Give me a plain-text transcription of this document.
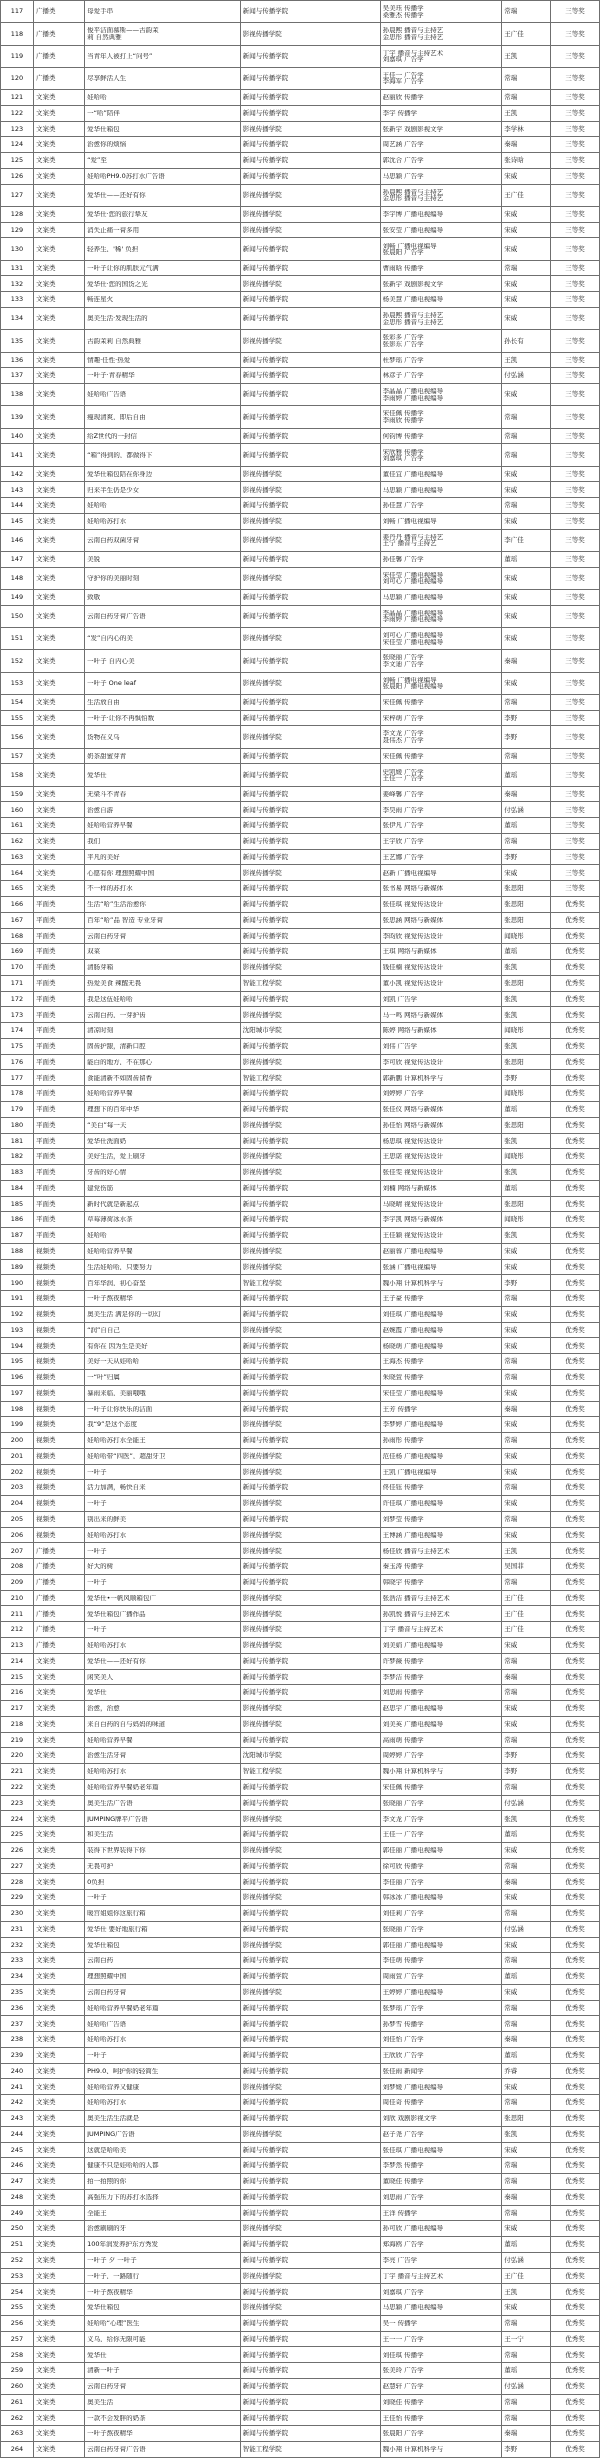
117	广播类	母爱手串	新闻与传播学院	吴美珏 传播学
桑雅杰 传播学	常瑞	三等奖
118	广播类	俊平洁面慕斯——古韵茉
莉 自然典雅	影视传播学院	孙晨熙 播音与主持艺
金思彤 播音与主持艺	王广佳	三等奖
119	广播类	当青年人被打上“问号”	新闻与传播学院	丁宇 播音与主持艺术
刘嘉琪 广告学	王凯	三等奖
120	广播类	尽享鲜活人生	新闻与传播学院	王佳一 广告学
李海军 广告学	常瑞	三等奖
121	文案类	娃哈哈	新闻与传播学院	赵丽欣 传播学	常瑞	三等奖
122	文案类	一“哈”陪伴	新闻与传播学院	李宇 传播学	王凯	三等奖
123	文案类	爱华仕箱包	影视传播学院	张新宇 戏剧影视文学	李学林	三等奖
124	文案类	治愈你的烦恼	新闻与传播学院	周艺涵 广告学	秦瑞	三等奖
125	文案类	“爱”至	新闻与传播学院	郭沈合 广告学	张诗晗	三等奖
126	文案类	娃哈哈PH9.0苏打水广告语	新闻与传播学院	马思颖 广告学	宋威	三等奖
127	文案类	爱华仕——还好有你	影视传播学院	孙晨熙 播音与主持艺
金思彤 播音与主持艺	王广佳	三等奖
128	文案类	爱华仕·您的旅行挚友	影视传播学院	李宇博 广播电视编导	宋威	三等奖
129	文案类	消失止痛一膏多用	影视传播学院	张安莹 广播电视编导	宋威	三等奖
130	文案类	轻养生，'稀' 负担	新闻与传播学院	刘畅 广播电视编导
张晨阳 广告学	宋威	三等奖
131	文案类	一叶子让你的肌肤元气满	新闻与传播学院	曹雨晗 传播学	常瑞	三等奖
132	文案类	爱华仕·您的国货之光	影视传播学院	张新宇 戏剧影视文学	宋威	三等奖
133	文案类	畅连星火	新闻与传播学院	杨美慧 广播电视编导	宋威	三等奖
134	文案类	奥美生活·发现生活的	新闻与传播学院	孙晨熙 播音与主持艺
金思彤 播音与主持艺	宋威	三等奖
135	文案类	古韵茉莉 自然典雅	影视传播学院	张彩多 广告学
张影东 广告学	孙长有	三等奖
136	文案类	情趣·任性·热爱	新闻与传播学院	杜梦瑶 广告学	王凯	三等奖
137	文案类	一叶子·青春精华	新闻与传播学院	林彦子 广告学	付弘涵	三等奖
138	文案类	娃哈哈广告语	新闻与传播学院	李晶晶 广播电视编导
李雨婷 广播电视编导	宋威	三等奖
139	文案类	瘦现清爽，即后自由	新闻与传播学院	宋佳佩 传播学
李雨欣 传播学	常瑞	三等奖
140	文案类	给Z世代的一封信	新闻与传播学院	何钧博 传播学	常瑞	三等奖
141	文案类	“箱”得到的，都做得下	新闻与传播学院	宋欣雅 传播学
刘嘉琪 广告学	常瑞	三等奖
142	文案类	爱华仕箱包陪在你身边	影视传播学院	董佳宜 广播电视编导	宋威	三等奖
143	文案类	归来半生仍是少女	影视传播学院	马思颖 广播电视编导	宋威	三等奖
144	文案类	娃哈哈	新闻与传播学院	孙佳慧 广告学	常瑞	三等奖
145	文案类	娃哈哈苏打水	影视传播学院	刘畅 广播电视编导	宋威	三等奖
146	文案类	云南白药双菌牙膏	影视传播学院	姜丹丹 播音与主持艺
王宁 播音与主持艺	李广佳	三等奖
147	文案类	美锐	新闻与传播学院	孙佳馨 广告学	董瑶	三等奖
148	文案类	守护你的美丽时刻	影视传播学院	宋佳莹 广播电视编导
刘可心 广播电视编导	宋威	三等奖
149	文案类	致敬	新闻与传播学院	马思颖 广播电视编导	宋威	三等奖
150	文案类	云南白药牙膏广告语	新闻与传播学院	李晶晶 广播电视编导
李雨婷 广播电视编导	宋威	三等奖
151	文案类	“发”自内心的美	影视传播学院	刘可心 广播电视编导
宋佳莹 广播电视编导	宋威	三等奖
152	文案类	一叶子 自内心美	新闻与传播学院	张晓丽 广告学
李文迪 广告学	秦瑞	三等奖
153	文案类	一叶子 One leaf	影视传播学院	刘畅 广播电视编导
张晨阳 广播电视编导	宋威	三等奖
154	文案类	生活放自由	新闻与传播学院	宋佳佩 传播学	常瑞	三等奖
155	文案类	一叶子·让你不再惧怕数	新闻与传播学院	宋梓萌 广告学	李野	三等奖
156	文案类	货物在义乌	影视传播学院	李文龙 广告学
聂伟杰 广告学	李野	三等奖
157	文案类	奶茶甜蜜芽青	新闻与传播学院	宋佳佩 传播学	常瑞	三等奖
158	文案类	爱华仕	新闻与传播学院	史凯媛 广告学
王佳一 广告学	董瑶	三等奖
159	文案类	无梁斗不青春	新闻与传播学院	姜峰馨 广告学	秦瑞	三等奖
160	文案类	治愈自游	新闻与传播学院	李昊雨 广告学	付弘涵	三等奖
161	文案类	娃哈哈营养早餐	新闻与传播学院	张伊凡 广告学	董瑶	三等奖
162	文案类	我们	新闻与传播学院	王宇欣 广告学	常瑞	三等奖
163	文案类	平凡的美好	新闻与传播学院	王艺娜 广告学	李野	三等奖
164	文案类	心愿有你 理想照耀中国	影视传播学院	赵新 广播电视编导	宋威	三等奖
165	文案类	不一样的苏打水	新闻与传播学院	张书易 网络与新媒体	张思阳	三等奖
166	平面类	生活“哈”生活治愈你	新闻与传播学院	张佳琪 视觉传达设计	张思阳	优秀奖
167	平面类	百年“哈”品 智造 专业牙膏	新闻与传播学院	张思涵 网络与新媒体	张思阳	优秀奖
168	平面类	云南白药牙膏	新闻与传播学院	李昀欣 视觉传达设计	闻晓彤	优秀奖
169	平面类	双菜	新闻与传播学院	王琪 网络与新媒体	董瑶	优秀奖
170	平面类	清肠芽箱	影视传播学院	钱佳楠 视觉传达设计	张凯	优秀奖
171	平面类	热爱美食 辣醒无畏	智能工程学院	董小凯 视觉传达设计	张思阳	优秀奖
172	平面类	我是这伍娃哈哈	新闻与传播学院	刘凯 广告学	张凯	优秀奖
173	平面类	云南白药，一芽护齿	影视传播学院	马一鸣 网络与新媒体	张凯	优秀奖
174	平面类	清凉时刻	沈阳城市学院	陈婷 网络与新媒体	闻晓彤	优秀奖
175	平面类	固齿护龈，清新口腔	新闻与传播学院	刘伟 广告学	张凯	优秀奖
176	平面类	能白的地方，不在那心	影视传播学院	李可欣 视觉传达设计	张思阳	优秀奖
177	平面类	食能清新不如固齿留香	智能工程学院	郭新鹏 计算机科学与	李野	优秀奖
178	平面类	娃哈哈营养早餐	新闻与传播学院	刘婷婷 广告学	闻晓彤	优秀奖
179	平面类	理想下的百年中华	新闻与传播学院	张佳仪 网络与新媒体	董瑶	优秀奖
180	平面类	“美白”每一天	影视传播学院	孙佳怡 网络与新媒体	张思阳	优秀奖
181	平面类	爱华仕洗面奶	新闻与传播学院	杨思琪 视觉传达设计	张凯	优秀奖
182	平面类	美好生活，爱上刷牙	影视传播学院	王思诺 视觉传达设计	闻晓彤	优秀奖
183	平面类	牙齿的好心情	影视传播学院	张佳雯 视觉传达设计	张凯	优秀奖
184	平面类	建党伤筋	新闻与传播学院	刘楠 网络与新媒体	董瑶	优秀奖
185	平面类	新时代就是新起点	新闻与传播学院	马晓晴 视觉传达设计	张思阳	优秀奖
186	平面类	草莓薄荷冰水茶	新闻与传播学院	李宇凯 网络与新媒体	闻晓彤	优秀奖
187	平面类	娃哈哈	新闻与传播学院	王佳颖 视觉传达设计	张凯	优秀奖
188	视频类	娃哈哈营养早餐	影视传播学院	赵丽蓉 广播电视编导	宋威	优秀奖
189	视频类	生活娃哈哈，只要努力	影视传播学院	张涵 广播电视编导	宋威	优秀奖
190	视频类	百年华润，初心奋坚	智能工程学院	魏小翔 计算机科学与	李野	优秀奖
191	视频类	一叶子熬夜精华	新闻与传播学院	王子豪 传播学	常瑞	优秀奖
192	视频类	奥美生活 满足你的一切幻	新闻与传播学院	刘佳琪 广播电视编导	宋威	优秀奖
193	视频类	“润”自自己	影视传播学院	赵婉霞 广播电视编导	宋威	优秀奖
194	视频类	有你在 因为生是美好	新闻与传播学院	杨晓萌 广播电视编导	宋威	优秀奖
195	视频类	美好一天从娃哈哈	新闻与传播学院	王海杰 传播学	常瑞	优秀奖
196	视频类	一“叶”归属	新闻与传播学院	朱晓萱 传播学	常瑞	优秀奖
197	视频类	暴雨来临，美丽哦哦	新闻与传播学院	宋佳莹 广播电视编导	宋威	优秀奖
198	视频类	一叶子让你快乐的洁面	新闻与传播学院	王芳 传播学	秦瑞	优秀奖
199	视频类	我“9”是这个态度	影视传播学院	李梦婷 广播电视编导	宋威	优秀奖
200	视频类	娃哈哈苏打水全能王	新闻与传播学院	孙雨彤 传播学	常瑞	优秀奖
201	视频类	娃哈哈带“四医”，超甜牙卫	影视传播学院	范佳杨 广播电视编导	宋威	优秀奖
202	视频类	一叶子	影视传播学院	王凯 广播电视编导	宋威	优秀奖
203	视频类	活力加满，畅快自来	新闻与传播学院	佟佳钰 传播学	常瑞	优秀奖
204	视频类	一叶子	影视传播学院	许佳琪 广播电视编导	宋威	优秀奖
205	视频类	别出来的鲜美	新闻与传播学院	刘梦莹 传播学	常瑞	优秀奖
206	视频类	娃哈哈苏打水	影视传播学院	王博涵 广播电视编导	宋威	优秀奖
207	广播类	一叶子	影视传播学院	杨佳欣 播音与主持艺术	王凯	优秀奖
208	广播类	好大的树	新闻与传播学院	秦玉涛 传播学	吴国菲	优秀奖
209	广播类	一叶子	新闻与传播学院	韩晓宇 传播学	常瑞	优秀奖
210	广播类	爱华仕•一帆风顺箱包广	影视传播学院	张浩洁 播音与主持艺术	王广佳	优秀奖
211	广播类	爱华仕箱包广播作品	影视传播学院	孙凯悦 播音与主持艺术	王广佳	优秀奖
212	广播类	一叶子	影视传播学院	丁宇 播音与主持艺术	王广佳	优秀奖
213	广播类	娃哈哈苏打水	影视传播学院	刘美娟 广播电视编导	宋威	优秀奖
214	文案类	爱华仕——还好有你	新闻与传播学院	许梦薇 传播学	常瑞	优秀奖
215	文案类	闲笑美人	新闻与传播学院	李梦洁 传播学	秦瑞	优秀奖
216	文案类	爱华仕	新闻与传播学院	刘思雨 传播学	常瑞	优秀奖
217	文案类	治愈，治愈	影视传播学院	赵思宇 广播电视编导	宋威	优秀奖
218	文案类	来自白药的自与妈妈的味道	影视传播学院	刘美英 广播电视编导	宋威	优秀奖
219	文案类	娃哈哈营养早餐	新闻与传播学院	高雨萌 传播学	常瑞	优秀奖
220	文案类	治愈生活牙膏	沈阳城市学院	周婷婷 广告学	李野	优秀奖
221	文案类	娃哈哈苏打水	智能工程学院	魏小翔 计算机科学与	李野	优秀奖
222	文案类	娃哈哈营养早餐奶老年篇	新闻与传播学院	宋佳佩 传播学	常瑞	优秀奖
223	文案类	奥美生活广告语	新闻与传播学院	张晓丽 广告学	付弘涵	优秀奖
224	文案类	JUMPING牌平广告语	影视传播学院	李文龙 广告学	张凯	优秀奖
225	文案类	和美生活	新闻与传播学院	王佳一 广告学	董瑶	优秀奖
226	文案类	装得下世界装得下你	影视传播学院	郭佳丽 广播电视编导	宋威	优秀奖
227	文案类	无畏可护	新闻与传播学院	徐可欣 传播学	常瑞	优秀奖
228	文案类	0负担	新闻与传播学院	李佳丽 广告学	秦瑞	优秀奖
229	文案类	一叶子	影视传播学院	韩冰冰 广播电视编导	宋威	优秀奖
230	文案类	暖宫姐姐你这旅行箱	新闻与传播学院	刘佳莉 广告学	常瑞	优秀奖
231	文案类	爱华仕 要好地旅行箱	新闻与传播学院	张晓丽 广告学	付弘涵	优秀奖
232	文案类	爱华仕箱包	影视传播学院	郭佳丽 广播电视编导	宋威	优秀奖
233	文案类	云南白药	新闻与传播学院	李佳萌 传播学	常瑞	优秀奖
234	文案类	理想照耀中国	新闻与传播学院	周雨萱 广告学	董瑶	优秀奖
235	文案类	云南白药牙膏	影视传播学院	王婷婷 广播电视编导	宋威	优秀奖
236	文案类	娃哈哈营养早餐奶老年篇	新闻与传播学院	张梦瑶 广告学	常瑞	优秀奖
237	文案类	娃哈哈广告语	新闻与传播学院	孙梦雪 传播学	常瑞	优秀奖
238	文案类	娃哈哈苏打水	新闻与传播学院	刘佳怡 广告学	秦瑞	优秀奖
239	文案类	一叶子	新闻与传播学院	王欣欣 广告学	董瑶	优秀奖
240	文案类	PH9.0、呵护你的轻简生	新闻与传播学院	张佳雨 新闻学	乔睿	优秀奖
241	文案类	娃哈哈营养又健康	影视传播学院	刘梦媛 广播电视编导	宋威	优秀奖
242	文案类	娃哈哈苏打水	新闻与传播学院	周佳奇 传播学	常瑞	优秀奖
243	文案类	奥美生活生活就是	新闻与传播学院	刘欣 戏剧影视文学	张思阳	优秀奖
244	文案类	JUMPING广告语	影视传播学院	赵子尧 广告学	张凯	优秀奖
245	文案类	这就是哈哈美	新闻与传播学院	张佳琪 广播电视编导	宋威	优秀奖
246	文案类	健康不只是娃哈哈的人都	新闻与传播学院	李梦然 传播学	常瑞	优秀奖
247	文案类	拍一拍照的你	新闻与传播学院	董晓佳 传播学	常瑞	优秀奖
248	文案类	高强压力下的苏打水选择	新闻与传播学院	刘思雨 广告学	秦瑞	优秀奖
249	文案类	全能王	新闻与传播学院	王洋 传播学	常瑞	优秀奖
250	文案类	治愈刷刷的牙	影视传播学院	孙可欣 广播电视编导	宋威	优秀奖
251	文案类	100年润发养护东方秀发	新闻与传播学院	郑海鸥 广告学	董瑶	优秀奖
252	文案类	一叶子 夕 一叶子	新闻与传播学院	李亮 广告学	付弘涵	优秀奖
253	文案类	一叶子，一路随行	影视传播学院	丁宇 播音与主持艺术	王广佳	优秀奖
254	文案类	一叶子熬夜精华	新闻与传播学院	刘嘉琪 广告学	王凯	优秀奖
255	文案类	爱华仕箱包	影视传播学院	马思颖 广播电视编导	宋威	优秀奖
256	文案类	娃哈哈“心理”医生	新闻与传播学院	吴一 传播学	常瑞	优秀奖
257	文案类	义乌，给你无限可能	新闻与传播学院	王一一 广告学	王一宁	优秀奖
258	文案类	爱华仕	新闻与传播学院	刘佳琪 传播学	常瑞	优秀奖
259	文案类	清新一叶子	新闻与传播学院	张美玲 广告学	董瑶	优秀奖
260	文案类	云南白药牙膏	新闻与传播学院	赵慧轩 广告学	付弘涵	优秀奖
261	文案类	奥美生活	新闻与传播学院	刘晓佳 传播学	常瑞	优秀奖
262	文案类	一款不会发胖的奶茶	新闻与传播学院	王佳怡 传播学	常瑞	优秀奖
263	文案类	一叶子熬夜精华	新闻与传播学院	张晨阳 广告学	秦瑞	优秀奖
264	文案类	云南白药牙膏广告语	智能工程学院	魏小翔 计算机科学与	李野	优秀奖
